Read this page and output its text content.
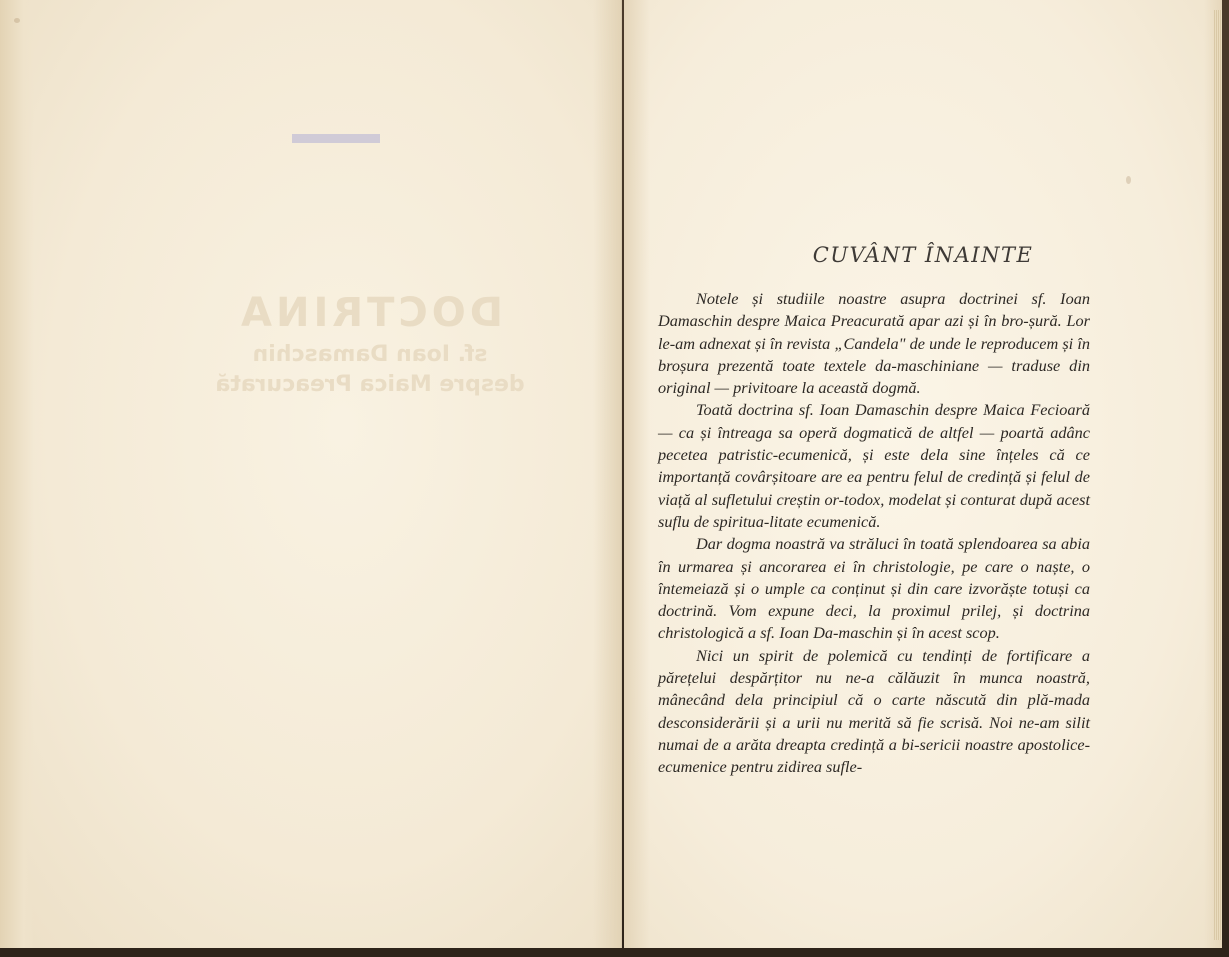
DOCTRINA
sf. Ioan Damaschin
despre Maica Preacurată
CUVÂNT ÎNAINTE

Notele și studiile noastre asupra doctrinei sf. Ioan Damaschin despre Maica Preacurată apar azi și în bro-șură. Lor le-am adnexat și în revista „Candela" de unde le reproducem și în broșura prezentă toate textele da-maschiniane — traduse din original — privitoare la această dogmă.

Toată doctrina sf. Ioan Damaschin despre Maica Fecioară — ca și întreaga sa operă dogmatică de altfel — poartă adânc pecetea patristic-ecumenică, și este dela sine înțeles că ce importanță covârșitoare are ea pentru felul de credință și felul de viață al sufletului creștin or-todox, modelat și conturat după acest suflu de spiritua-litate ecumenică.

Dar dogma noastră va străluci în toată splendoarea sa abia în urmarea și ancorarea ei în christologie, pe care o naște, o întemeiază și o umple ca conținut și din care izvorăște totuși ca doctrină. Vom expune deci, la proximul prilej, și doctrina christologică a sf. Ioan Da-maschin și în acest scop.

Nici un spirit de polemică cu tendinți de fortificare a părețelui despărțitor nu ne-a călăuzit în munca noastră, mânecând dela principiul că o carte născută din plă-mada desconsiderării și a urii nu merită să fie scrisă. Noi ne-am silit numai de a arăta dreapta credință a bi-sericii noastre apostolice-ecumenice pentru zidirea sufle-
